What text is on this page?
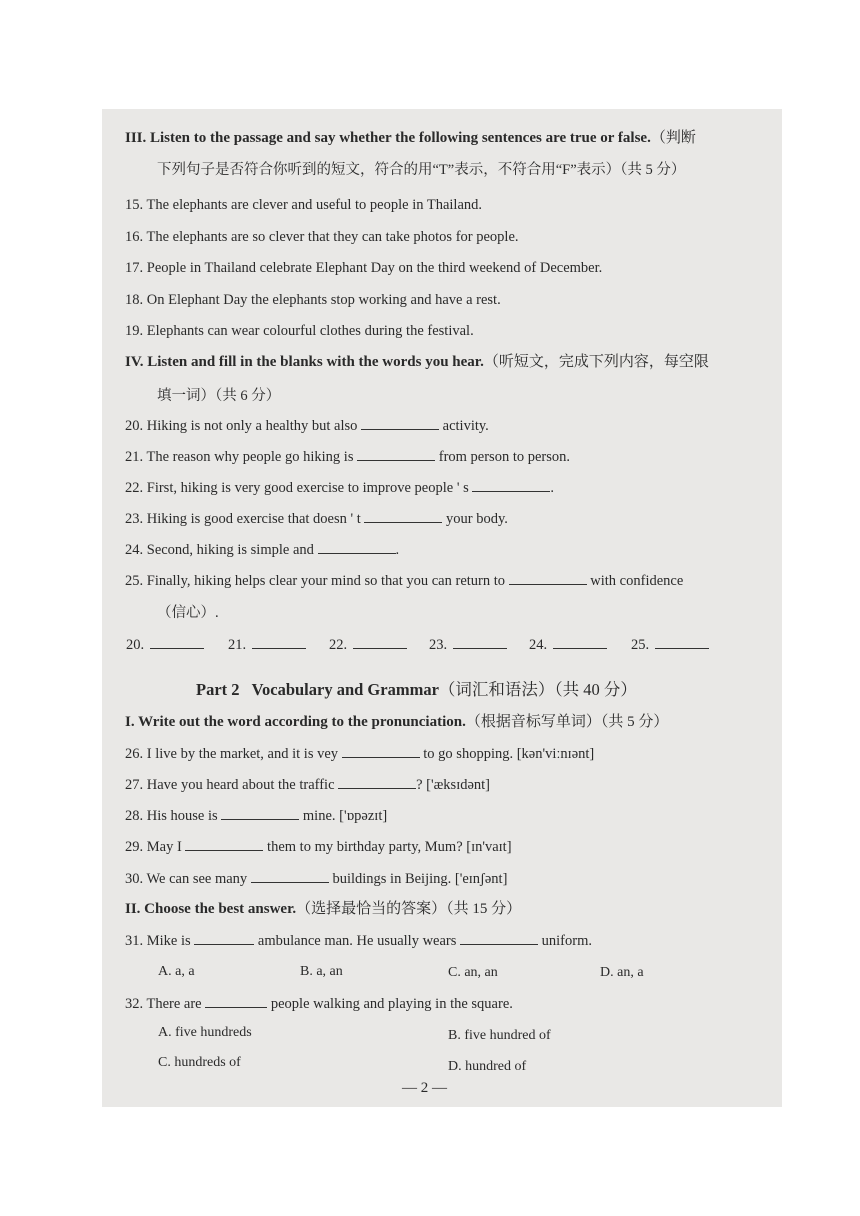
III. Listen to the passage and say whether the following sentences are true or false.（判断
下列句子是否符合你听到的短文，符合的用“T”表示，不符合用“F”表示）（共 5 分）
15. The elephants are clever and useful to people in Thailand.
16. The elephants are so clever that they can take photos for people.
17. People in Thailand celebrate Elephant Day on the third weekend of December.
18. On Elephant Day the elephants stop working and have a rest.
19. Elephants can wear colourful clothes during the festival.
IV. Listen and fill in the blanks with the words you hear.（听短文，完成下列内容，每空限
填一词）（共 6 分）
20. Hiking is not only a healthy but also	activity.
21. The reason why people go hiking is	from person to person.
22. First, hiking is very good exercise to improve people ' s	.
23. Hiking is good exercise that doesn ' t	your body.
24. Second, hiking is simple and	.
25. Finally, hiking helps clear your mind so that you can return to	with confidence
（信心）.
20.	21.	22.	23.	24.	25.
Part 2   Vocabulary and Grammar（词汇和语法）（共 40 分）
I. Write out the word according to the pronunciation.（根据音标写单词）（共 5 分）
26. I live by the market, and it is vey	to go shopping. [kən'viːnɪənt]
27. Have you heard about the traffic	? ['æksɪdənt]
28. His house is	mine. ['ɒpəzɪt]
29. May I	them to my birthday party, Mum? [ɪn'vaɪt]
30. We can see many	buildings in Beijing. ['eɪnʃənt]
II. Choose the best answer.（选择最恰当的答案）（共 15 分）
31. Mike is	ambulance man. He usually wears	uniform.
A. a, a	B. a, an	C. an, an	D. an, a
32. There are	people walking and playing in the square.
A. five hundreds	B. five hundred of
C. hundreds of	D. hundred of
— 2 —
